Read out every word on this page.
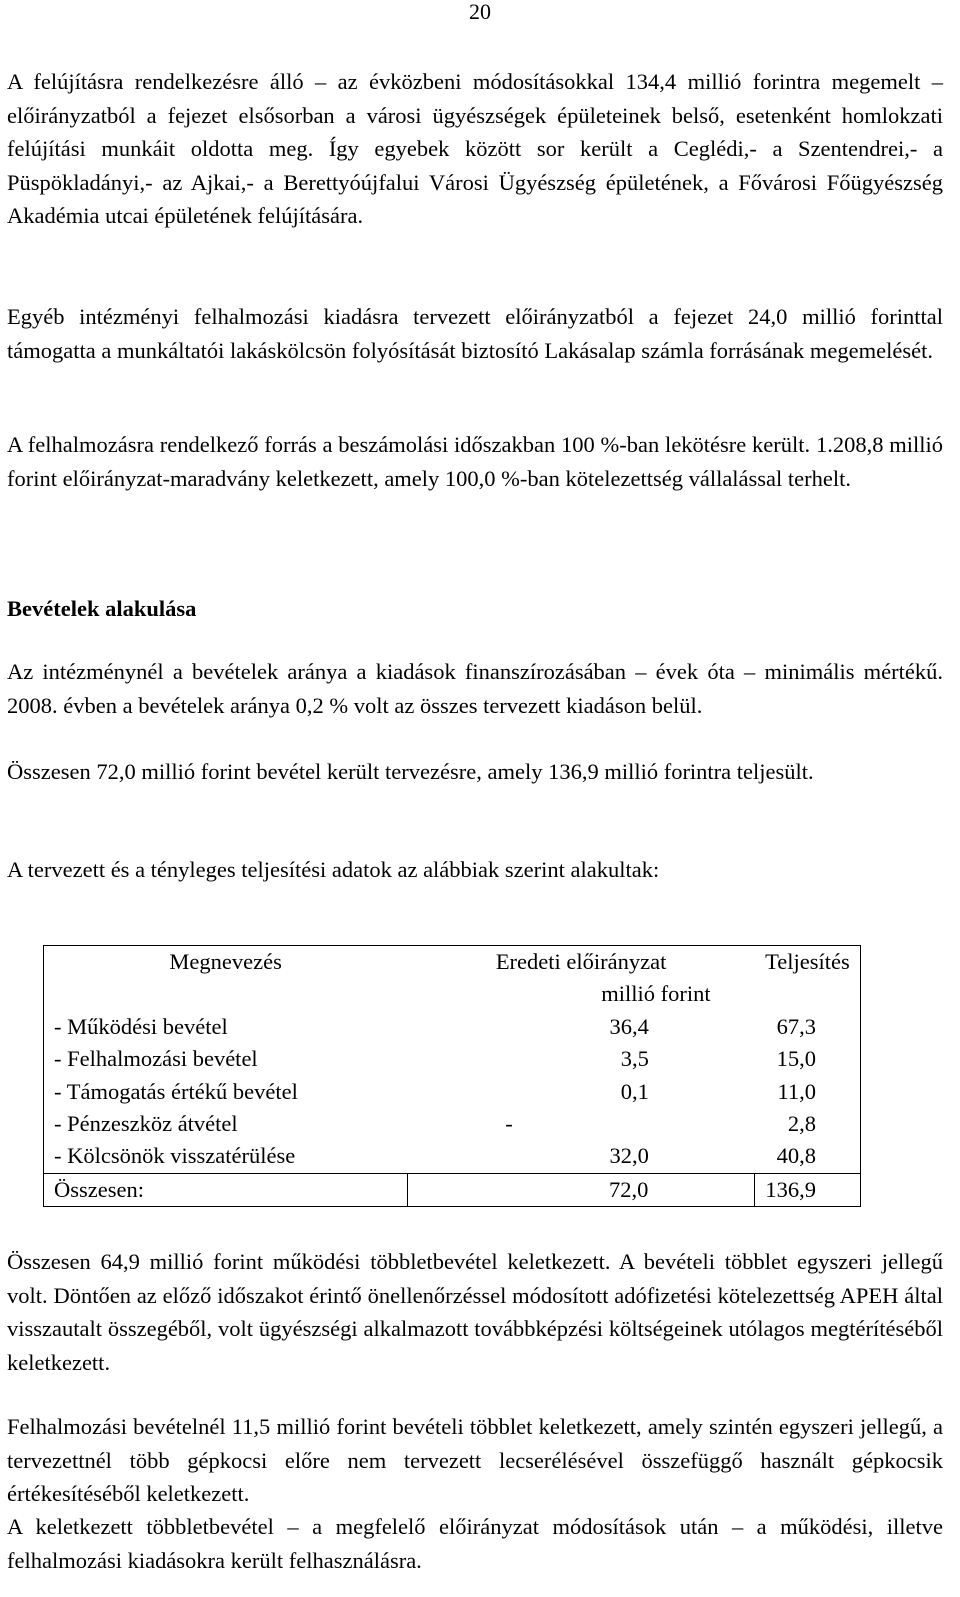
20

A felújításra rendelkezésre álló – az évközbeni módosításokkal 134,4 millió forintra megemelt – előirányzatból a fejezet elsősorban a városi ügyészségek épületeinek belső, esetenként homlokzati felújítási munkáit oldotta meg. Így egyebek között sor került a Ceglédi,- a Szentendrei,- a Püspökladányi,- az Ajkai,- a Berettyóújfalui Városi Ügyészség épületének, a Fővárosi Főügyészség Akadémia utcai épületének felújítására.

Egyéb intézményi felhalmozási kiadásra tervezett előirányzatból a fejezet 24,0 millió forinttal támogatta a munkáltatói lakáskölcsön folyósítását biztosító Lakásalap számla forrásának megemelését.

A felhalmozásra rendelkező forrás a beszámolási időszakban 100 %-ban lekötésre került. 1.208,8 millió forint előirányzat-maradvány keletkezett, amely 100,0 %-ban kötelezettség vállalással terhelt.

Bevételek alakulása

Az intézménynél a bevételek aránya a kiadások finanszírozásában – évek óta – minimális mértékű. 2008. évben a bevételek aránya 0,2 % volt az összes tervezett kiadáson belül.

Összesen 72,0 millió forint bevétel került tervezésre, amely 136,9 millió forintra teljesült.

A tervezett és a tényleges teljesítési adatok az alábbiak szerint alakultak:

Megnevezés	Eredeti előirányzat	Teljesítés
	millió forint	
- Működési bevétel	36,4	67,3
- Felhalmozási bevétel	3,5	15,0
- Támogatás értékű bevétel	0,1	11,0
- Pénzeszköz átvétel	-	2,8
- Kölcsönök visszatérülése	32,0	40,8
Összesen:	72,0	136,9

Összesen 64,9 millió forint működési többletbevétel keletkezett. A bevételi többlet egyszeri jellegű volt. Döntően az előző időszakot érintő önellenőrzéssel módosított adófizetési kötelezettség APEH által visszautalt összegéből, volt ügyészségi alkalmazott továbbképzési költségeinek utólagos megtérítéséből keletkezett.

Felhalmozási bevételnél 11,5 millió forint bevételi többlet keletkezett, amely szintén egyszeri jellegű, a tervezettnél több gépkocsi előre nem tervezett lecserélésével összefüggő használt gépkocsik értékesítéséből keletkezett.

A keletkezett többletbevétel – a megfelelő előirányzat módosítások után – a működési, illetve felhalmozási kiadásokra került felhasználásra.
